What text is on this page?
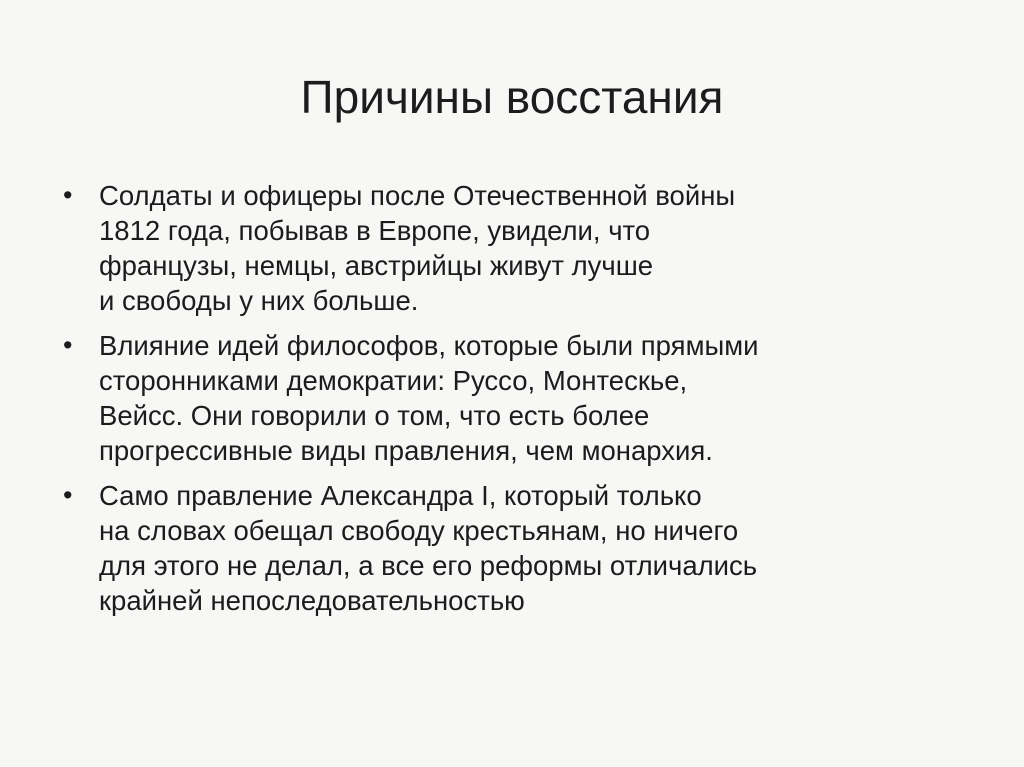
Причины восстания
• Солдаты и офицеры после Отечественной войны
1812 года, побывав в Европе, увидели, что
французы, немцы, австрийцы живут лучше
и свободы у них больше.
• Влияние идей философов, которые были прямыми
сторонниками демократии: Руссо, Монтескье,
Вейсс. Они говорили о том, что есть более
прогрессивные виды правления, чем монархия.
• Само правление Александра I, который только
на словах обещал свободу крестьянам, но ничего
для этого не делал, а все его реформы отличались
крайней непоследовательностью
